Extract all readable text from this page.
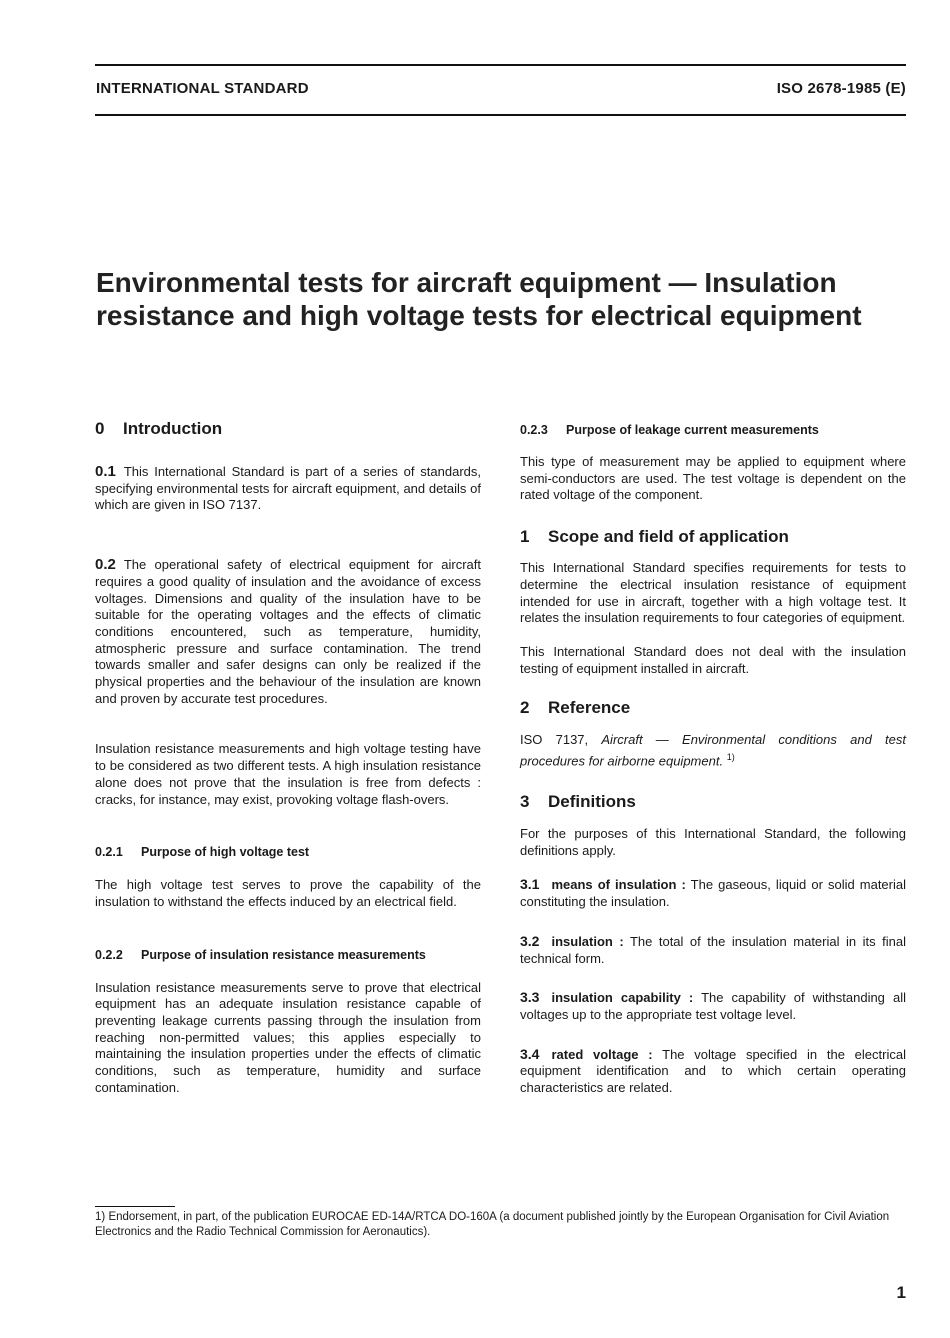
INTERNATIONAL STANDARD	ISO 2678-1985 (E)
Environmental tests for aircraft equipment — Insulation
resistance and high voltage tests for electrical equipment
0 Introduction

0.1 This International Standard is part of a series of standards, specifying environmental tests for aircraft equipment, and details of which are given in ISO 7137.

0.2 The operational safety of electrical equipment for aircraft requires a good quality of insulation and the avoidance of excess voltages. Dimensions and quality of the insulation have to be suitable for the operating voltages and the effects of climatic conditions encountered, such as temperature, humidity, atmospheric pressure and surface contamination. The trend towards smaller and safer designs can only be realized if the physical properties and the behaviour of the insulation are known and proven by accurate test procedures.

Insulation resistance measurements and high voltage testing have to be considered as two different tests. A high insulation resistance alone does not prove that the insulation is free from defects : cracks, for instance, may exist, provoking voltage flash-overs.

0.2.1 Purpose of high voltage test

The high voltage test serves to prove the capability of the insulation to withstand the effects induced by an electrical field.

0.2.2 Purpose of insulation resistance measurements

Insulation resistance measurements serve to prove that electrical equipment has an adequate insulation resistance capable of preventing leakage currents passing through the insulation from reaching non-permitted values; this applies especially to maintaining the insulation properties under the effects of climatic conditions, such as temperature, humidity and surface contamination.

0.2.3 Purpose of leakage current measurements

This type of measurement may be applied to equipment where semi-conductors are used. The test voltage is dependent on the rated voltage of the component.

1 Scope and field of application

This International Standard specifies requirements for tests to determine the electrical insulation resistance of equipment intended for use in aircraft, together with a high voltage test. It relates the insulation requirements to four categories of equipment.

This International Standard does not deal with the insulation testing of equipment installed in aircraft.

2 Reference

ISO 7137, Aircraft — Environmental conditions and test procedures for airborne equipment. $^{1)}$

3 Definitions

For the purposes of this International Standard, the following definitions apply.

3.1 means of insulation : The gaseous, liquid or solid material constituting the insulation.

3.2 insulation : The total of the insulation material in its final technical form.

3.3 insulation capability : The capability of withstanding all voltages up to the appropriate test voltage level.

3.4 rated voltage : The voltage specified in the electrical equipment identification and to which certain operating characteristics are related.

1) Endorsement, in part, of the publication EUROCAE ED-14A/RTCA DO-160A (a document published jointly by the European Organisation for Civil Aviation Electronics and the Radio Technical Commission for Aeronautics).

1
